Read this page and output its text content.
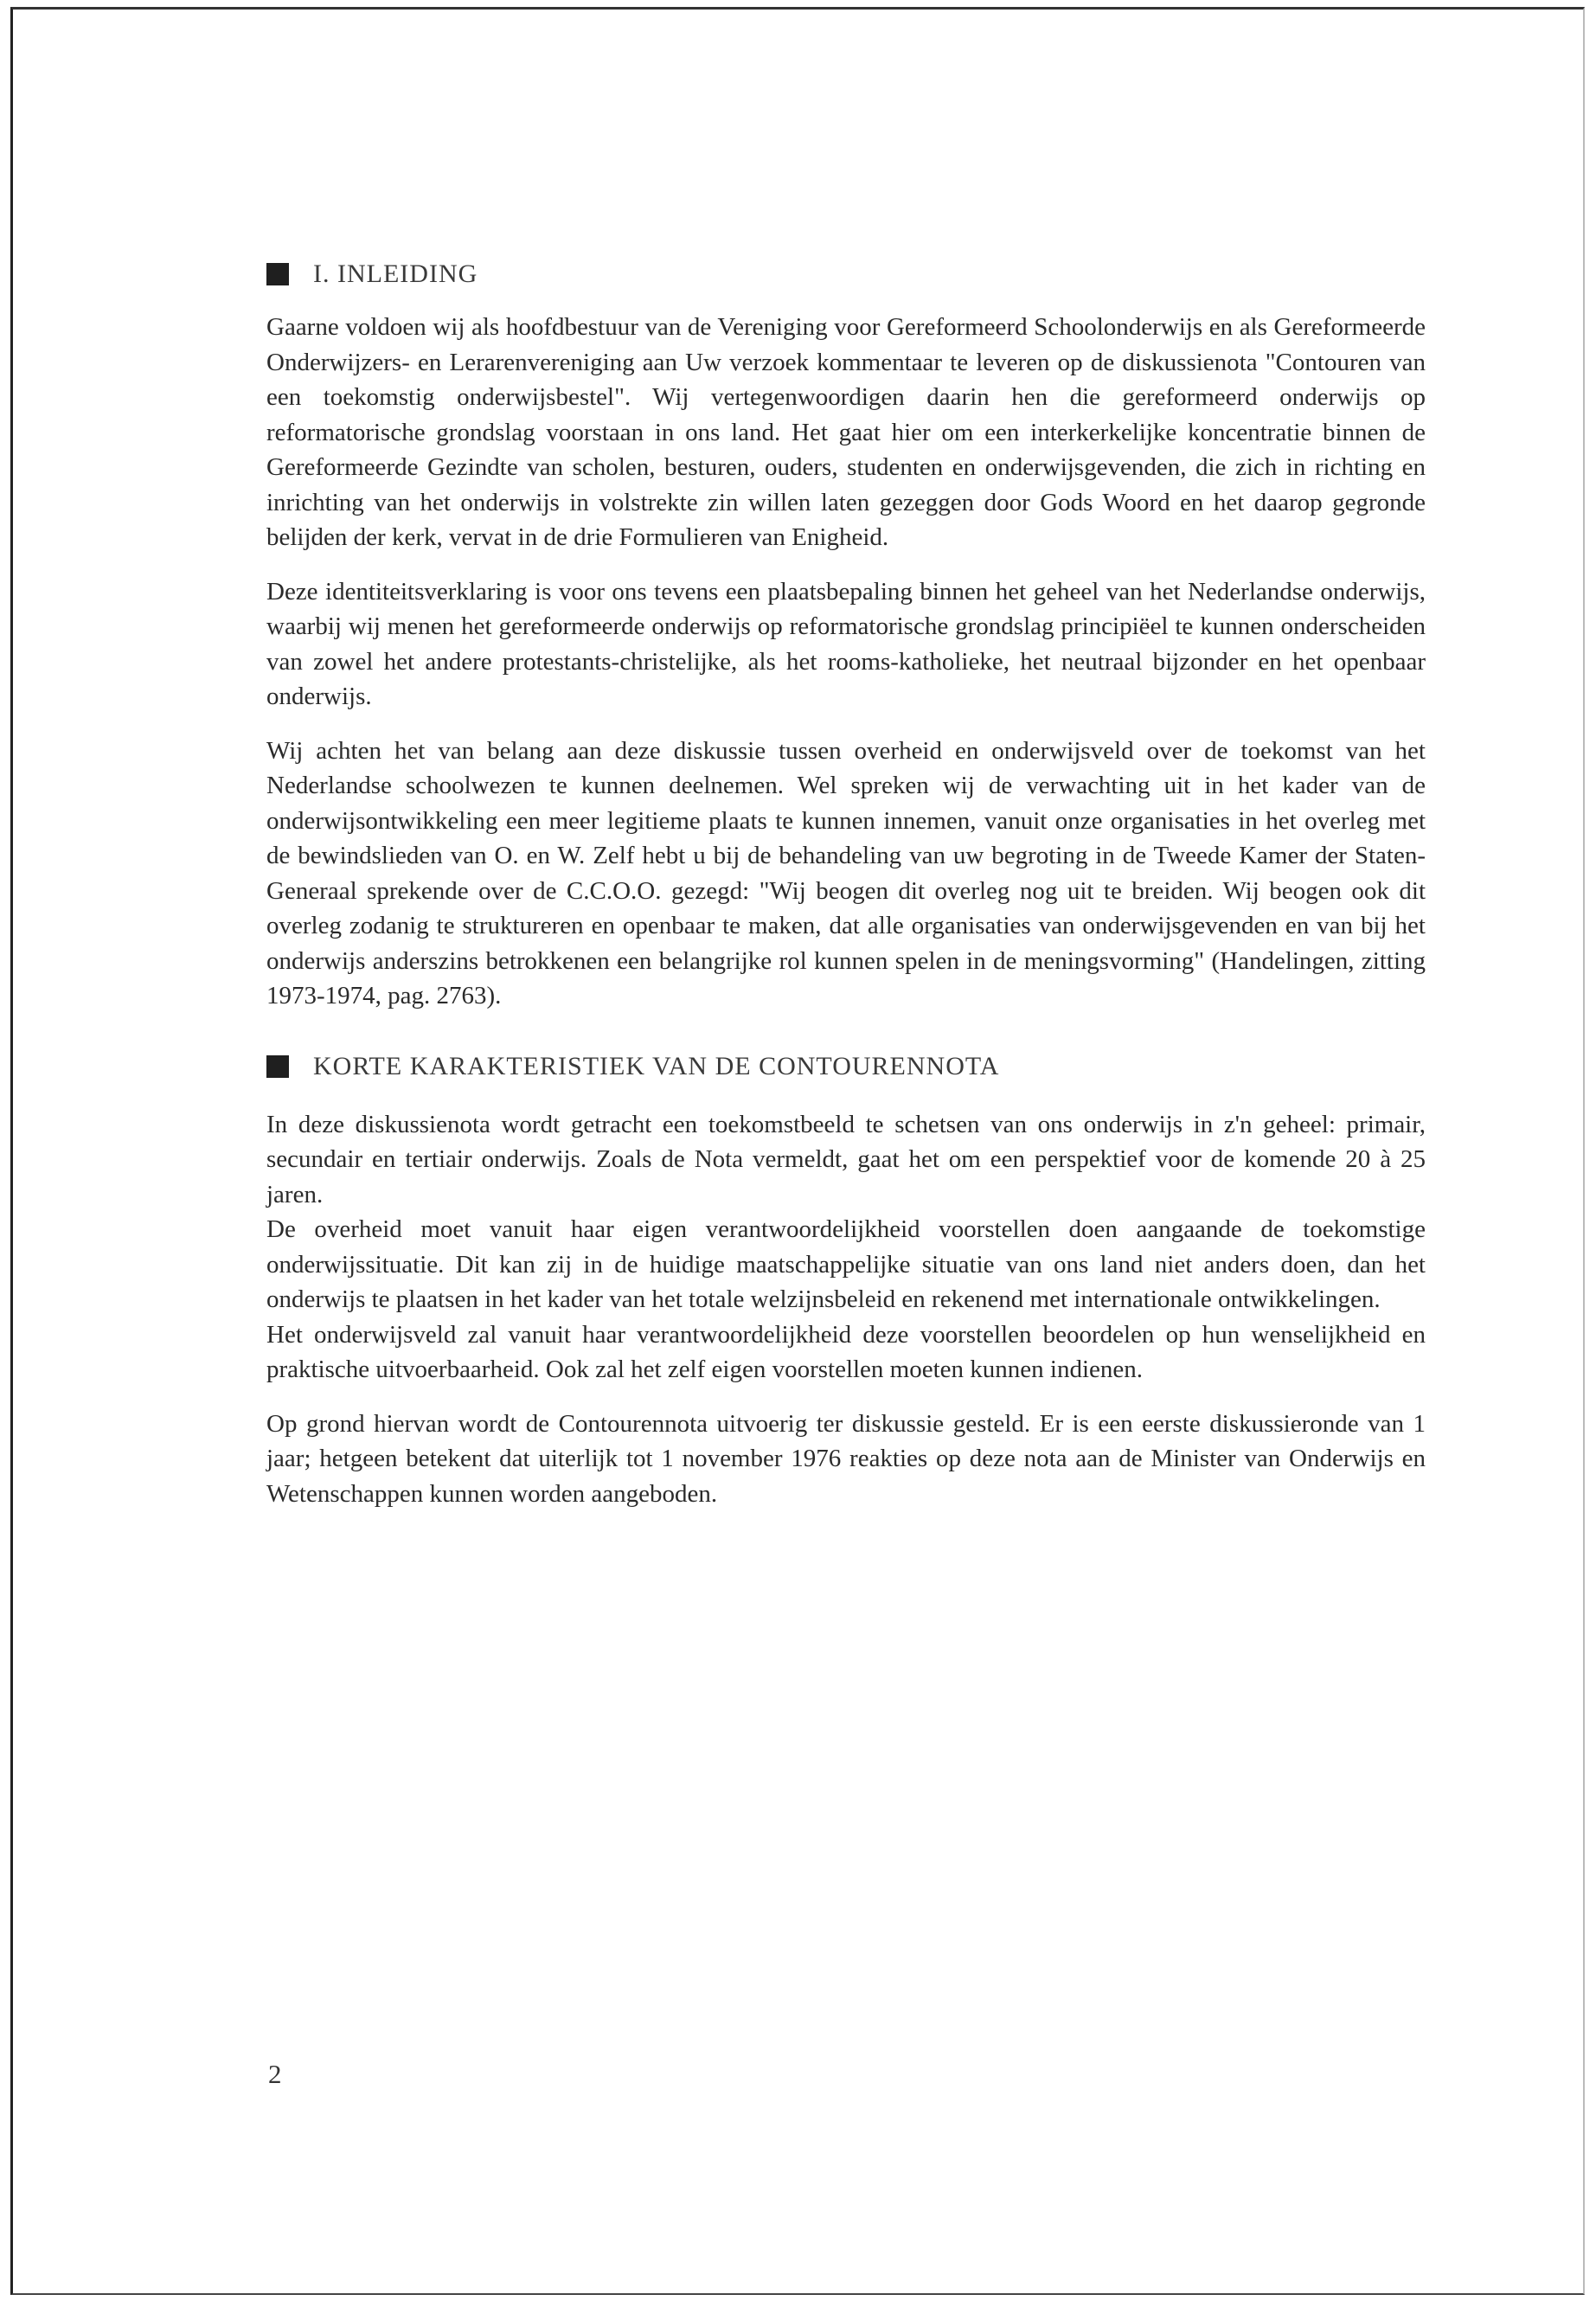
I. INLEIDING

Gaarne voldoen wij als hoofdbestuur van de Vereniging voor Gereformeerd Schoolonderwijs en als Gereformeerde Onderwijzers- en Lerarenvereniging aan Uw verzoek kommentaar te leveren op de diskussienota "Contouren van een toekomstig onderwijsbestel". Wij vertegenwoordigen daarin hen die gereformeerd onderwijs op reformatorische grondslag voorstaan in ons land. Het gaat hier om een interkerkelijke koncentratie binnen de Gereformeerde Gezindte van scholen, besturen, ouders, studenten en onderwijsgevenden, die zich in richting en inrichting van het onderwijs in volstrekte zin willen laten gezeggen door Gods Woord en het daarop gegronde belijden der kerk, vervat in de drie Formulieren van Enigheid.

Deze identiteitsverklaring is voor ons tevens een plaatsbepaling binnen het geheel van het Nederlandse onderwijs, waarbij wij menen het gereformeerde onderwijs op reformatorische grondslag principiëel te kunnen onderscheiden van zowel het andere protestants-christelijke, als het rooms-katholieke, het neutraal bijzonder en het openbaar onderwijs.

Wij achten het van belang aan deze diskussie tussen overheid en onderwijsveld over de toekomst van het Nederlandse schoolwezen te kunnen deelnemen. Wel spreken wij de verwachting uit in het kader van de onderwijsontwikkeling een meer legitieme plaats te kunnen innemen, vanuit onze organisaties in het overleg met de bewindslieden van O. en W. Zelf hebt u bij de behandeling van uw begroting in de Tweede Kamer der Staten-Generaal sprekende over de C.C.O.O. gezegd: "Wij beogen dit overleg nog uit te breiden. Wij beogen ook dit overleg zodanig te struktureren en openbaar te maken, dat alle organisaties van onderwijsgevenden en van bij het onderwijs anderszins betrokkenen een belangrijke rol kunnen spelen in de meningsvorming" (Handelingen, zitting 1973-1974, pag. 2763).

KORTE KARAKTERISTIEK VAN DE CONTOURENNOTA

In deze diskussienota wordt getracht een toekomstbeeld te schetsen van ons onderwijs in z'n geheel: primair, secundair en tertiair onderwijs. Zoals de Nota vermeldt, gaat het om een perspektief voor de komende 20 à 25 jaren.

De overheid moet vanuit haar eigen verantwoordelijkheid voorstellen doen aangaande de toekomstige onderwijssituatie. Dit kan zij in de huidige maatschappelijke situatie van ons land niet anders doen, dan het onderwijs te plaatsen in het kader van het totale welzijnsbeleid en rekenend met internationale ontwikkelingen.

Het onderwijsveld zal vanuit haar verantwoordelijkheid deze voorstellen beoordelen op hun wenselijkheid en praktische uitvoerbaarheid. Ook zal het zelf eigen voorstellen moeten kunnen indienen.

Op grond hiervan wordt de Contourennota uitvoerig ter diskussie gesteld. Er is een eerste diskussieronde van 1 jaar; hetgeen betekent dat uiterlijk tot 1 november 1976 reakties op deze nota aan de Minister van Onderwijs en Wetenschappen kunnen worden aangeboden.

2
